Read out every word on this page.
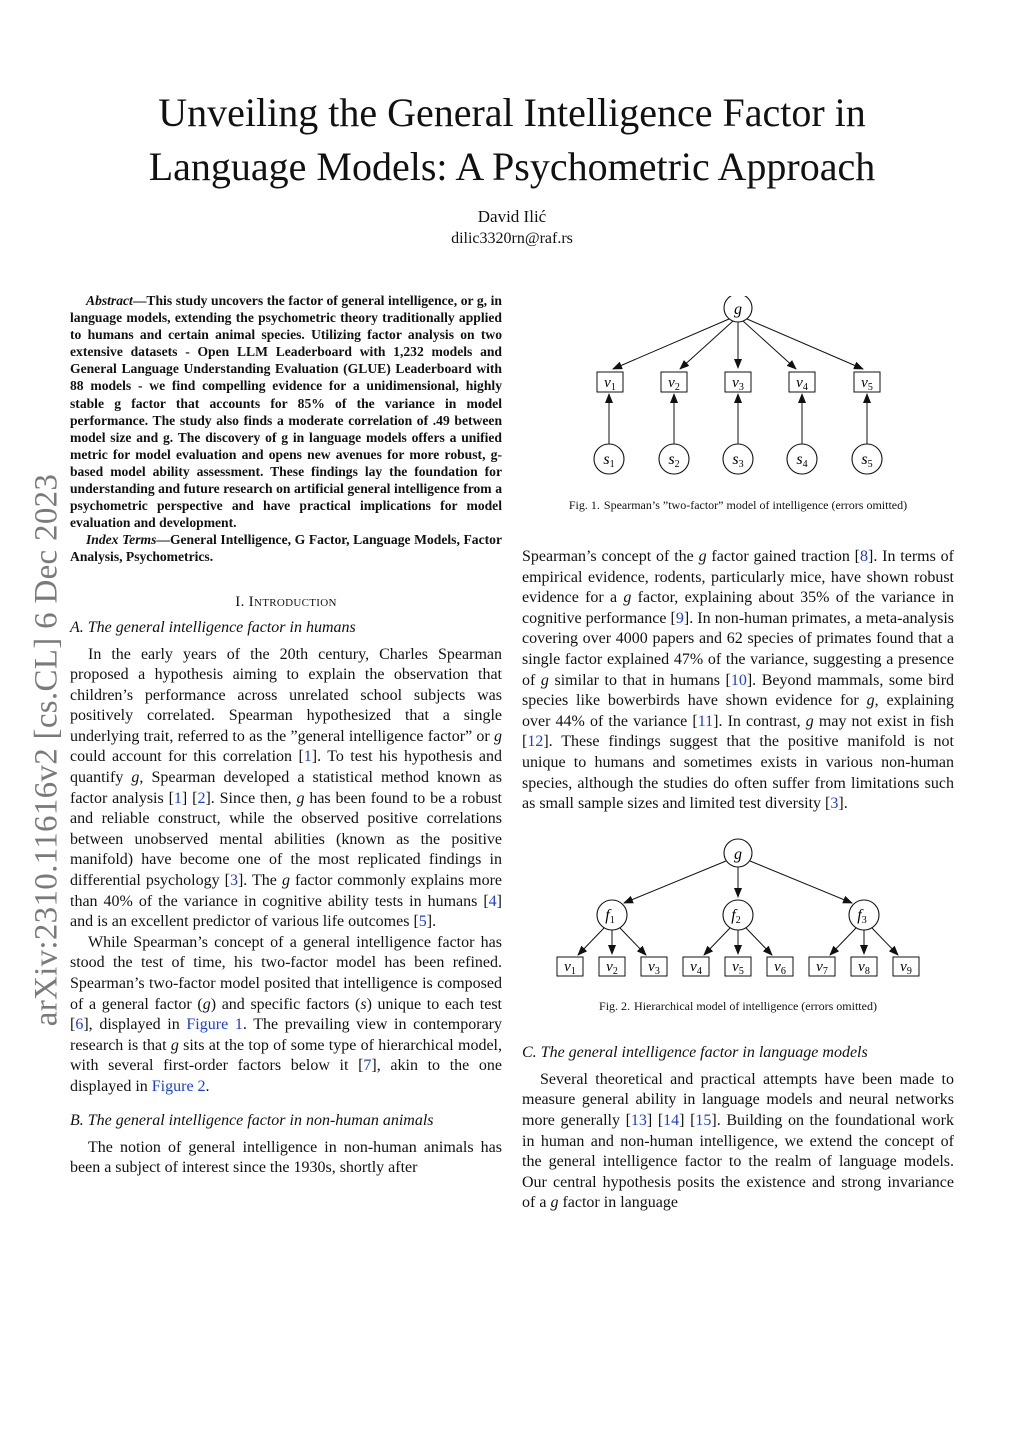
arXiv:2310.11616v2 [cs.CL] 6 Dec 2023
Unveiling the General Intelligence Factor in
Language Models: A Psychometric Approach
David Ilić
dilic3320rn@raf.rs

Abstract—This study uncovers the factor of general intelligence, or g, in language models, extending the psychometric theory traditionally applied to humans and certain animal species. Utilizing factor analysis on two extensive datasets - Open LLM Leaderboard with 1,232 models and General Language Understanding Evaluation (GLUE) Leaderboard with 88 models - we find compelling evidence for a unidimensional, highly stable g factor that accounts for 85% of the variance in model performance. The study also finds a moderate correlation of .49 between model size and g. The discovery of g in language models offers a unified metric for model evaluation and opens new avenues for more robust, g-based model ability assessment. These findings lay the foundation for understanding and future research on artificial general intelligence from a psychometric perspective and have practical implications for model evaluation and development.

Index Terms—General Intelligence, G Factor, Language Models, Factor Analysis, Psychometrics.

I. Introduction
A. The general intelligence factor in humans

In the early years of the 20th century, Charles Spearman proposed a hypothesis aiming to explain the observation that children’s performance across unrelated school subjects was positively correlated. Spearman hypothesized that a single underlying trait, referred to as the ”general intelligence factor” or g could account for this correlation [1]. To test his hypothesis and quantify g, Spearman developed a statistical method known as factor analysis [1] [2]. Since then, g has been found to be a robust and reliable construct, while the observed positive correlations between unobserved mental abilities (known as the positive manifold) have become one of the most replicated findings in differential psychology [3]. The g factor commonly explains more than 40% of the variance in cognitive ability tests in humans [4] and is an excellent predictor of various life outcomes [5].

While Spearman’s concept of a general intelligence factor has stood the test of time, his two-factor model has been refined. Spearman’s two-factor model posited that intelligence is composed of a general factor (g) and specific factors (s) unique to each test [6], displayed in Figure 1. The prevailing view in contemporary research is that g sits at the top of some type of hierarchical model, with several first-order factors below it [7], akin to the one displayed in Figure 2.

B. The general intelligence factor in non-human animals

The notion of general intelligence in non-human animals has been a subject of interest since the 1930s, shortly after

g
$v_1$	$v_2$	$v_3$	$v_4$	$v_5$
s1	s2	s3	s4	s5

Fig. 1. Spearman’s ”two-factor” model of intelligence (errors omitted)

Spearman’s concept of the g factor gained traction [8]. In terms of empirical evidence, rodents, particularly mice, have shown robust evidence for a g factor, explaining about 35% of the variance in cognitive performance [9]. In non-human primates, a meta-analysis covering over 4000 papers and 62 species of primates found that a single factor explained 47% of the variance, suggesting a presence of g similar to that in humans [10]. Beyond mammals, some bird species like bowerbirds have shown evidence for g, explaining over 44% of the variance [11]. In contrast, g may not exist in fish [12]. These findings suggest that the positive manifold is not unique to humans and sometimes exists in various non-human species, although the studies do often suffer from limitations such as small sample sizes and limited test diversity [3].

g
f1	f2	f3
$v_1$ $v_2$ $v_3$ $v_4$ $v_5$ $v_6$ $v_7$ $v_8$ $v_9$

Fig. 2. Hierarchical model of intelligence (errors omitted)

C. The general intelligence factor in language models

Several theoretical and practical attempts have been made to measure general ability in language models and neural networks more generally [13] [14] [15]. Building on the foundational work in human and non-human intelligence, we extend the concept of the general intelligence factor to the realm of language models. Our central hypothesis posits the existence and strong invariance of a g factor in language
